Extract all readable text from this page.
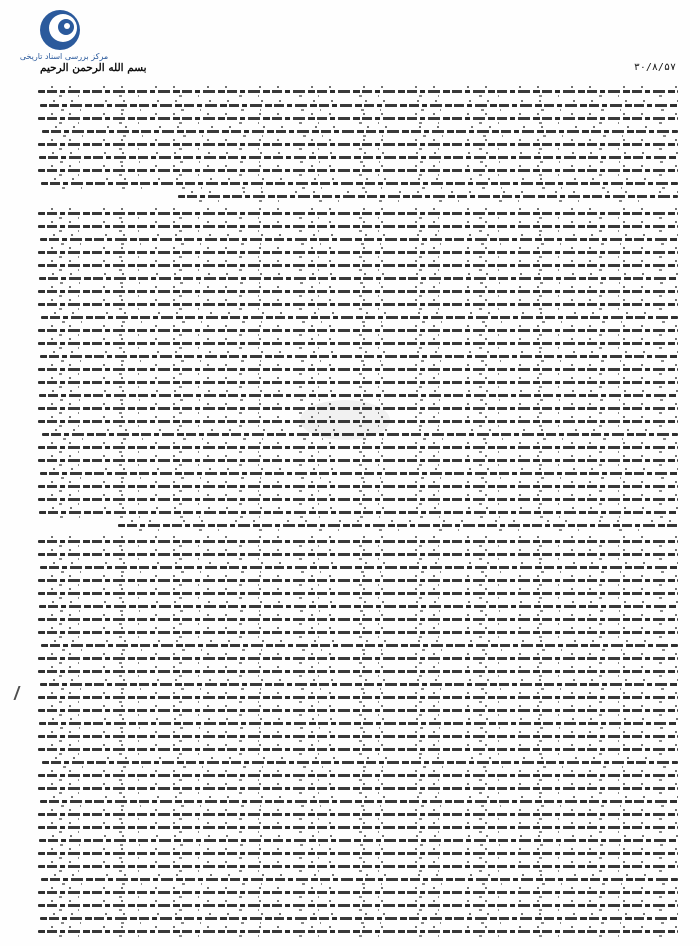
مرکز بررسی اسناد تاریخی
۳۰/۸/۵۷
بسم الله الرحمن الرحیم
